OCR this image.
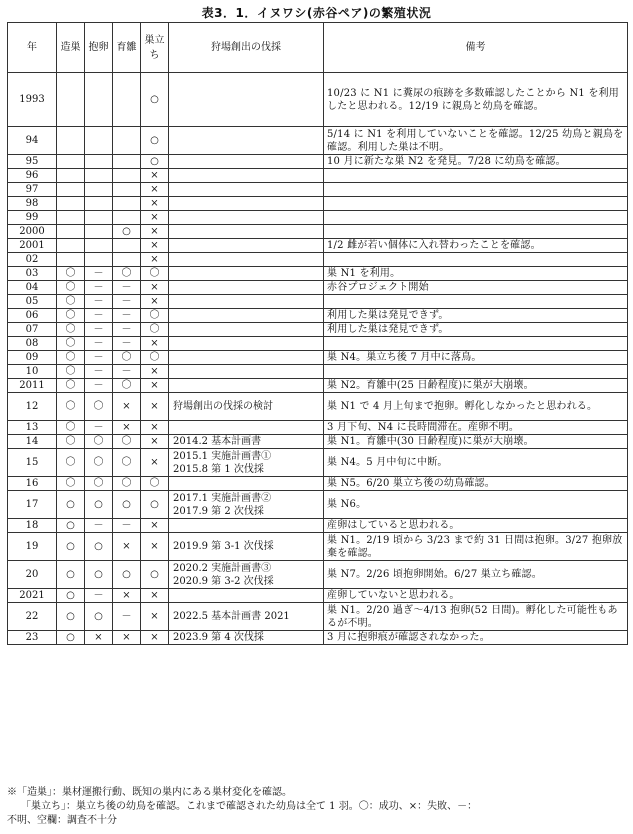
表3．1．イヌワシ(赤谷ペア)の繁殖状況
年	造巣	抱卵	育雛	巣立ち	狩場創出の伐採	備考
1993				○		10/23 に N1 に糞尿の痕跡を多数確認したことから N1 を利用したと思われる。12/19 に親鳥と幼鳥を確認。
94				○		5/14 に N1 を利用していないことを確認。12/25 幼鳥と親鳥を確認。利用した巣は不明。
95				○		10 月に新たな巣 N2 を発見。7/28 に幼鳥を確認。
96				×		
97				×		
98				×		
99				×		
2000			○	×		
2001				×		1/2 雌が若い個体に入れ替わったことを確認。
02				×		
03	〇	－	〇	〇		巣 N1 を利用。
04	〇	－	－	×		赤谷プロジェクト開始
05	〇	－	－	×		
06	〇	－	－	〇		利用した巣は発見できず。
07	〇	－	－	〇		利用した巣は発見できず。
08	〇	－	－	×		
09	〇	－	〇	〇		巣 N4。巣立ち後 7 月中に落鳥。
10	〇	－	－	×		
2011	〇	－	〇	×		巣 N2。育雛中(25 日齢程度)に巣が大崩壊。
12	〇	〇	×	×	狩場創出の伐採の検討	巣 N1 で 4 月上旬まで抱卵。孵化しなかったと思われる。
13	〇	－	×	×		3 月下旬、N4 に長時間滞在。産卵不明。
14	〇	〇	〇	×	2014.2 基本計画書	巣 N1。育雛中(30 日齢程度)に巣が大崩壊。
15	〇	〇	〇	×	2015.1 実施計画書①
2015.8 第 1 次伐採	巣 N4。5 月中旬に中断。
16	〇	〇	〇	〇		巣 N5。6/20 巣立ち後の幼鳥確認。
17	○	○	○	○	2017.1 実施計画書②
2017.9 第 2 次伐採	巣 N6。
18	○	－	－	×		産卵はしていると思われる。
19	○	○	×	×	2019.9 第 3-1 次伐採	巣 N1。2/19 頃から 3/23 まで約 31 日間は抱卵。3/27 抱卵放棄を確認。
20	○	○	○	○	2020.2 実施計画書③
2020.9 第 3-2 次伐採	巣 N7。2/26 頃抱卵開始。6/27 巣立ち確認。
2021	○	－	×	×		産卵していないと思われる。
22	○	○	－	×	2022.5 基本計画書 2021	巣 N1。2/20 過ぎ～4/13 抱卵(52 日間)。孵化した可能性もあるが不明。
23	○	×	×	×	2023.9 第 4 次伐採	3 月に抱卵痕が確認されなかった。
※「造巣」：巣材運搬行動、既知の巣内にある巣材変化を確認。
「巣立ち」：巣立ち後の幼鳥を確認。これまで確認された幼鳥は全て 1 羽。〇：成功、×：失敗、－：
不明、空欄：調査不十分
